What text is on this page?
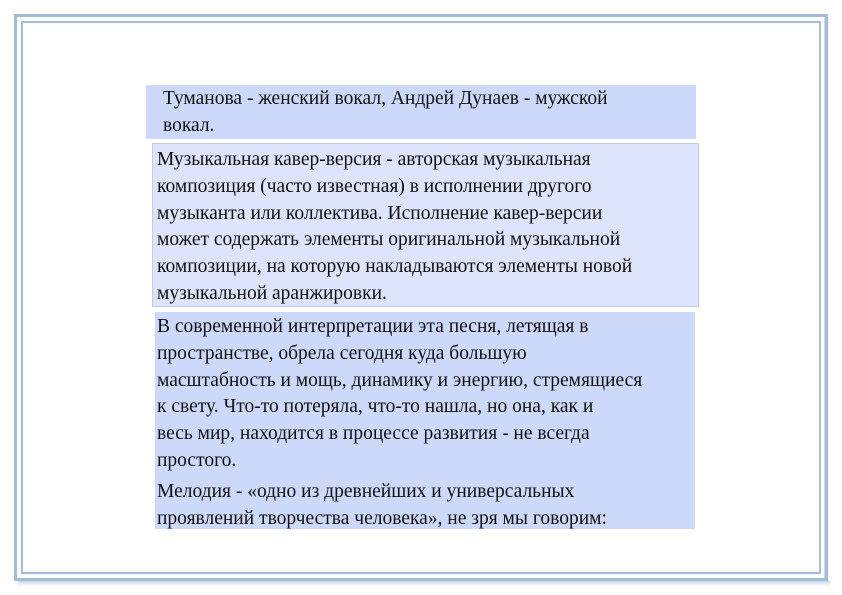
Туманова - женский вокал, Андрей Дунаев - мужской
вокал.
Музыкальная кавер-версия - авторская музыкальная
композиция (часто известная) в исполнении другого
музыканта или коллектива. Исполнение кавер-версии
может содержать элементы оригинальной музыкальной
композиции, на которую накладываются элементы новой
музыкальной аранжировки.
В современной интерпретации эта песня, летящая в
пространстве, обрела сегодня куда большую
масштабность и мощь, динамику и энергию, стремящиеся
к свету. Что-то потеряла, что-то нашла, но она, как и
весь мир, находится в процессе развития - не всегда
простого.
Мелодия - «одно из древнейших и универсальных
проявлений творчества человека», не зря мы говорим:
